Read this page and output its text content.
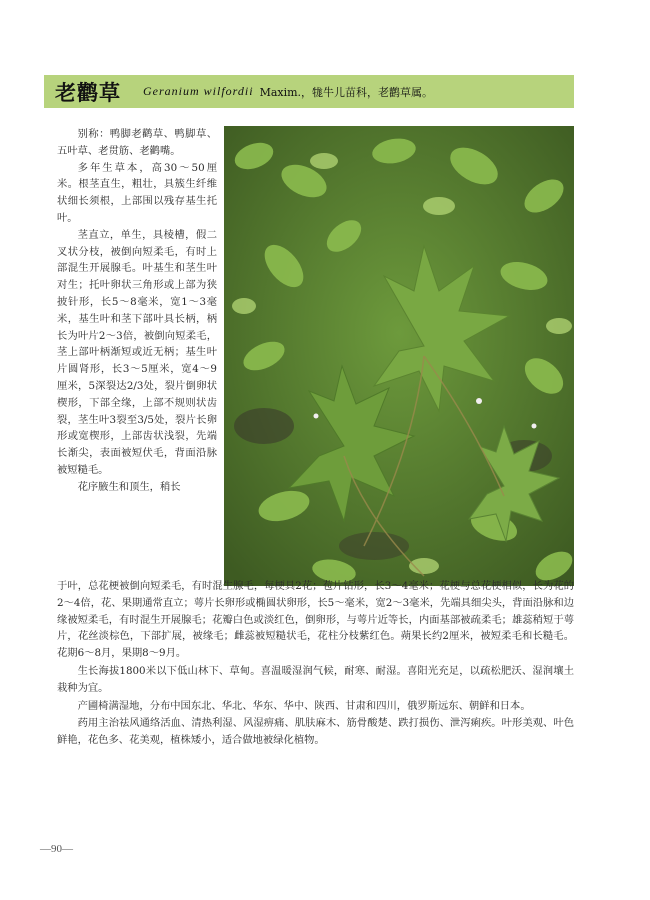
老鹳草 Geranium wilfordii Maxim.，牻牛儿苗科，老鹳草属。

别称：鸭脚老鹳草、鸭脚草、五叶草、老贯筋、老鹳嘴。

多年生草本，高30～50厘米。根茎直生，粗壮，具簇生纤维状细长须根，上部围以残存基生托叶。

茎直立，单生，具棱槽，假二叉状分枝，被倒向短柔毛，有时上部混生开展腺毛。叶基生和茎生叶对生；托叶卵状三角形或上部为狭披针形，长5～8毫米，宽1～3毫米，基生叶和茎下部叶具长柄，柄长为叶片2～3倍，被倒向短柔毛，茎上部叶柄渐短或近无柄；基生叶片圆肾形，长3～5厘米，宽4～9厘米，5深裂达2/3处，裂片倒卵状楔形，下部全缘，上部不规则状齿裂，茎生叶3裂至3/5处，裂片长卵形或宽楔形，上部齿状浅裂，先端长渐尖，表面被短伏毛，背面沿脉被短糙毛。

花序腋生和顶生，稍长

于叶，总花梗被倒向短柔毛，有时混生腺毛，每梗具2花；苞片钻形，长3～4毫米；花梗与总花梗相似，长为花的2～4倍，花、果期通常直立；萼片长卵形或椭圆状卵形，长5～毫米，宽2～3毫米，先端具细尖头，背面沿脉和边缘被短柔毛，有时混生开展腺毛；花瓣白色或淡红色，倒卵形，与萼片近等长，内面基部被疏柔毛；雄蕊稍短于萼片，花丝淡棕色，下部扩展，被缘毛；雌蕊被短糙状毛，花柱分枝紫红色。蒴果长约2厘米，被短柔毛和长糙毛。花期6～8月，果期8～9月。

生长海拔1800米以下低山林下、草甸。喜温暖湿润气候，耐寒、耐湿。喜阳光充足，以疏松肥沃、湿润壤土栽种为宜。

产圃椅满湿地，分布中国东北、华北、华东、华中、陕西、甘肃和四川，俄罗斯远东、朝鲜和日本。

药用主治祛风通络活血、清热利湿、风湿痹痛、肌肤麻木、筋骨酸楚、跌打损伤、泄泻痢疾。叶形美观、叶色鲜艳，花色多、花美观，植株矮小，适合做地被绿化植物。

—90—
